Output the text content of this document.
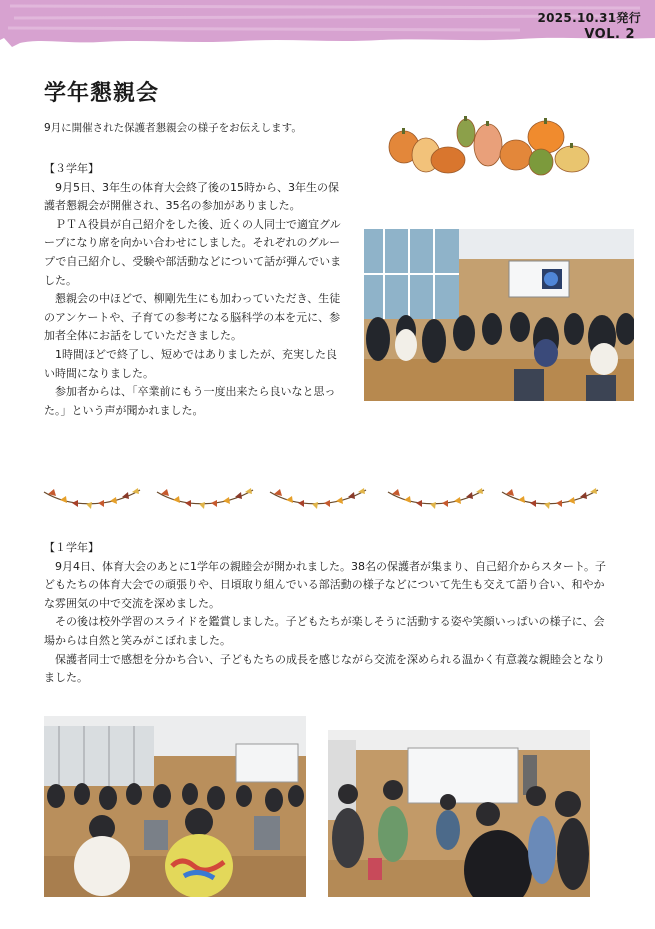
2025.10.31発行
VOL. 2
学年懇親会

9月に開催された保護者懇親会の様子をお伝えします。

【３学年】

9月5日、3年生の体育大会終了後の15時から、3年生の保護者懇親会が開催され、35名の参加がありました。

ＰＴＡ役員が自己紹介をした後、近くの人同士で適宜グループになり席を向かい合わせにしました。それぞれのグループで自己紹介し、受験や部活動などについて話が弾んでいました。

懇親会の中ほどで、柳剛先生にも加わっていただき、生徒のアンケートや、子育ての参考になる脳科学の本を元に、参加者全体にお話をしていただきました。

1時間ほどで終了し、短めではありましたが、充実した良い時間になりました。

参加者からは、「卒業前にもう一度出来たら良いなと思った。」という声が聞かれました。

【１学年】

9月4日、体育大会のあとに1学年の親睦会が開かれました。38名の保護者が集まり、自己紹介からスタート。子どもたちの体育大会での頑張りや、日頃取り組んでいる部活動の様子などについて先生も交えて語り合い、和やかな雰囲気の中で交流を深めました。

その後は校外学習のスライドを鑑賞しました。子どもたちが楽しそうに活動する姿や笑顔いっぱいの様子に、会場からは自然と笑みがこぼれました。

保護者同士で感想を分かち合い、子どもたちの成長を感じながら交流を深められる温かく有意義な親睦会となりました。
